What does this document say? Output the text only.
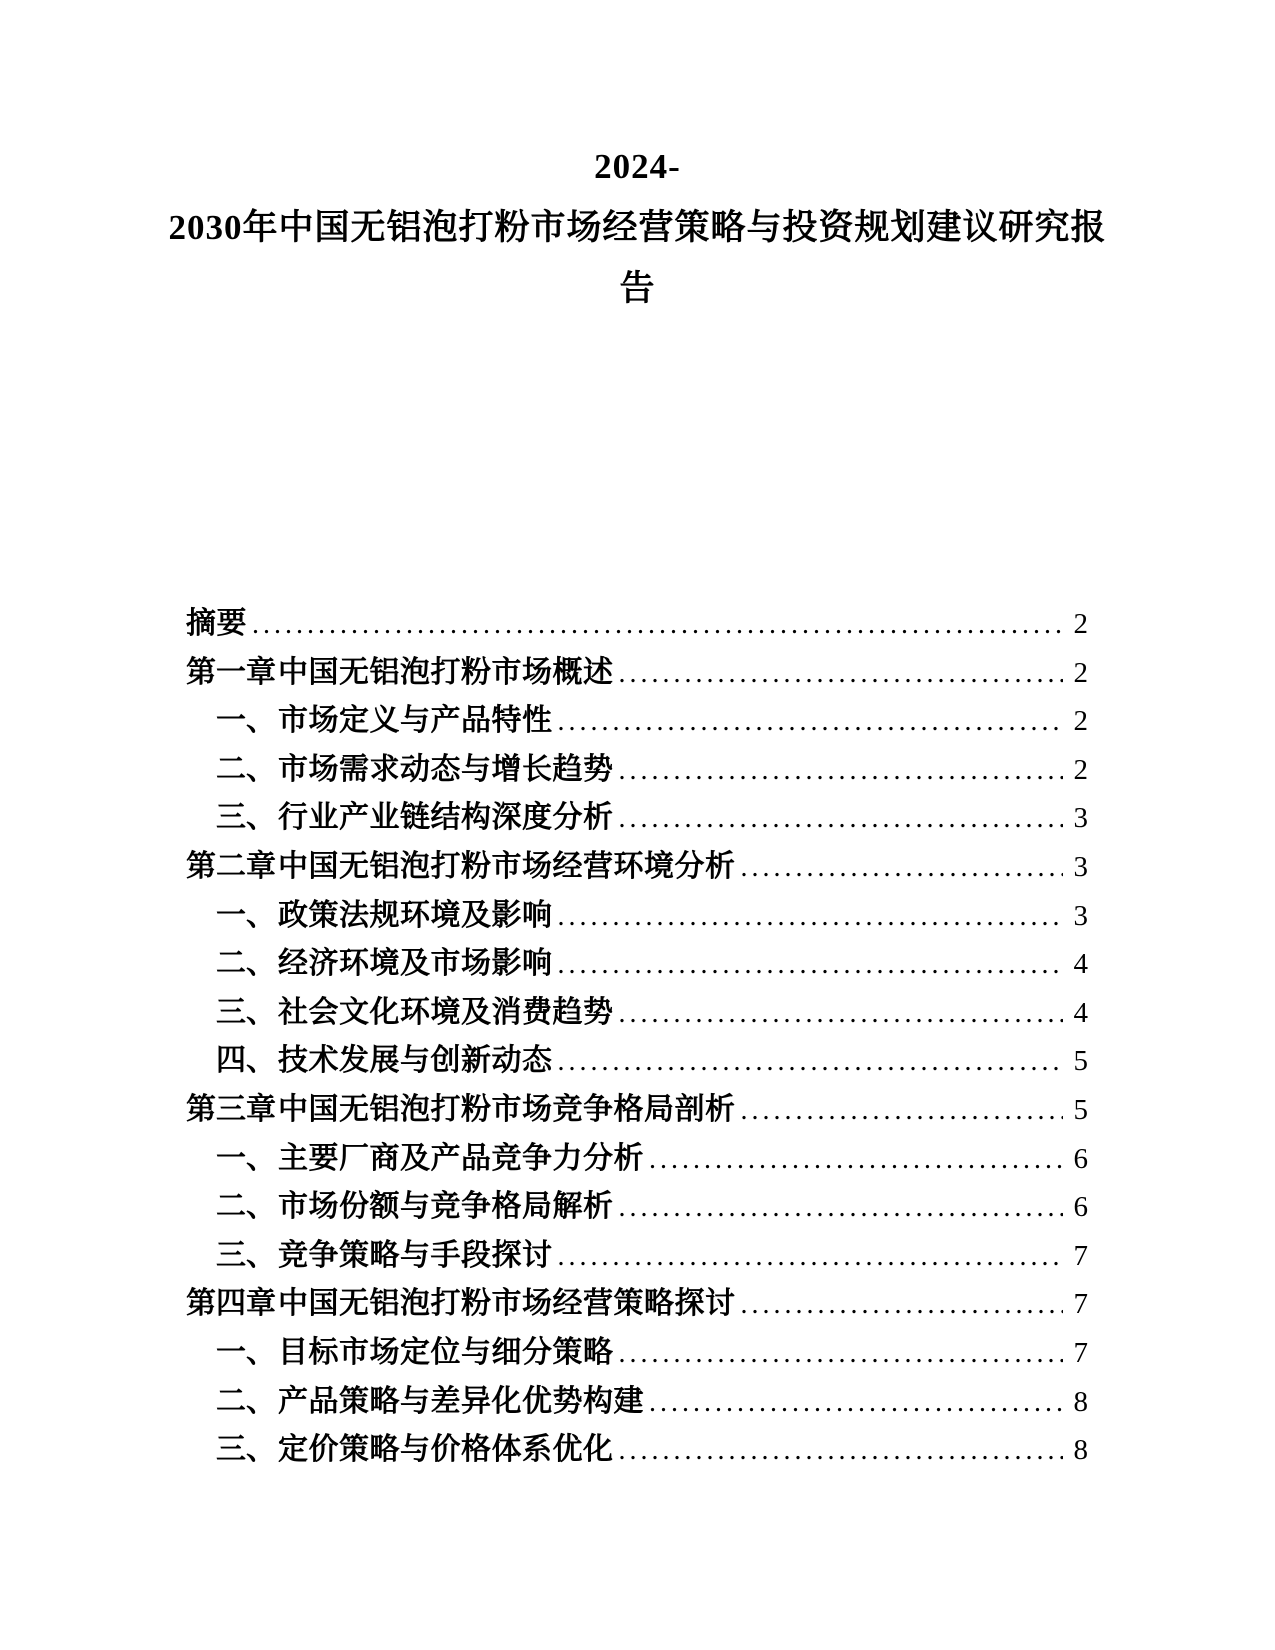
2024-
2030年中国无铝泡打粉市场经营策略与投资规划建议研究报
告
摘要 .....	2
第一章 中国无铝泡打粉市场概述 .....	2
一、 市场定义与产品特性 .....	2
二、 市场需求动态与增长趋势 .....	2
三、 行业产业链结构深度分析 .....	3
第二章 中国无铝泡打粉市场经营环境分析 .....	3
一、 政策法规环境及影响 .....	3
二、 经济环境及市场影响 .....	4
三、 社会文化环境及消费趋势 .....	4
四、 技术发展与创新动态 .....	5
第三章 中国无铝泡打粉市场竞争格局剖析 .....	5
一、 主要厂商及产品竞争力分析 .....	6
二、 市场份额与竞争格局解析 .....	6
三、 竞争策略与手段探讨 .....	7
第四章 中国无铝泡打粉市场经营策略探讨 .....	7
一、 目标市场定位与细分策略 .....	7
二、 产品策略与差异化优势构建 .....	8
三、 定价策略与价格体系优化 .....	8
